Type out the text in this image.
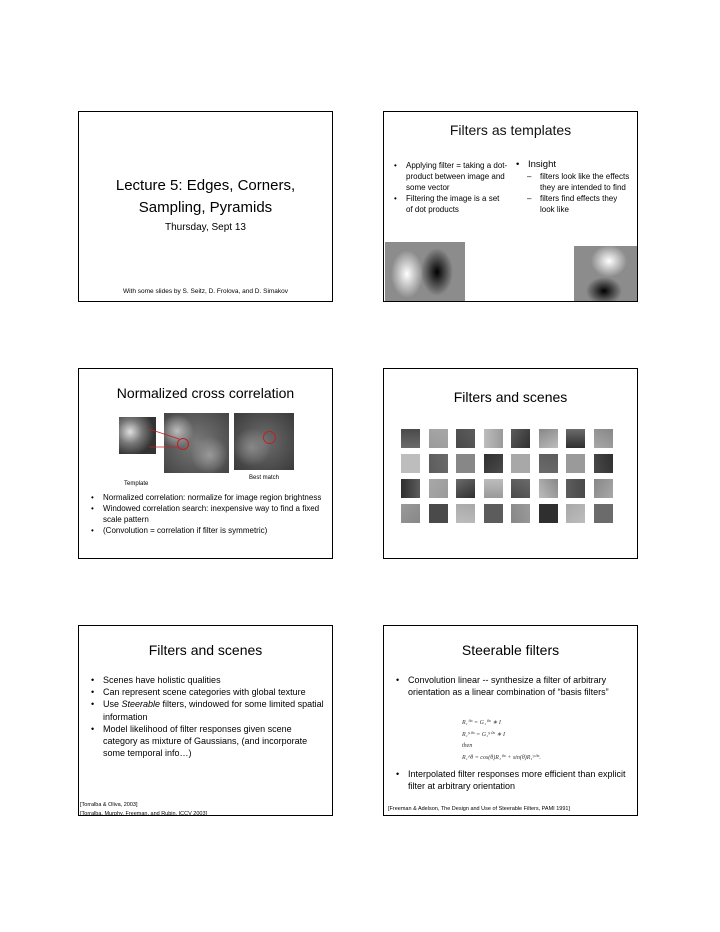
Lecture 5: Edges, Corners, Sampling, Pyramids
Thursday, Sept 13
With some slides by S. Seitz, D. Frolova, and D. Simakov
Filters as templates
• Applying filter = taking a dot-product between image and some vector
• Filtering the image is a set of dot products
• Insight
– filters look like the effects they are intended to find
– filters find effects they look like
Normalized cross correlation
Template
Best match
• Normalized correlation: normalize for image region brightness
• Windowed correlation search: inexpensive way to find a fixed scale pattern
• (Convolution = correlation if filter is symmetric)
Filters and scenes
Filters and scenes
• Scenes have holistic qualities
• Can represent scene categories with global texture
• Use Steerable filters, windowed for some limited spatial information
• Model likelihood of filter responses given scene category as mixture of Gaussians, (and incorporate some temporal info…)
[Torralba & Oliva, 2003]
[Torralba, Murphy, Freeman, and Rubin, ICCV 2003]
Steerable filters
• Convolution linear -- synthesize a filter of arbitrary orientation as a linear combination of “basis filters”
R₁⁰° = G₁⁰° ∗ I
R₁⁹⁰° = G₁⁹⁰° ∗ I
then
R₁^θ = cos(θ)R₁⁰° + sin(θ)R₁⁹⁰°.
• Interpolated filter responses more efficient than explicit filter at arbitrary orientation
[Freeman & Adelson, The Design and Use of Steerable Filters, PAMI 1991]
